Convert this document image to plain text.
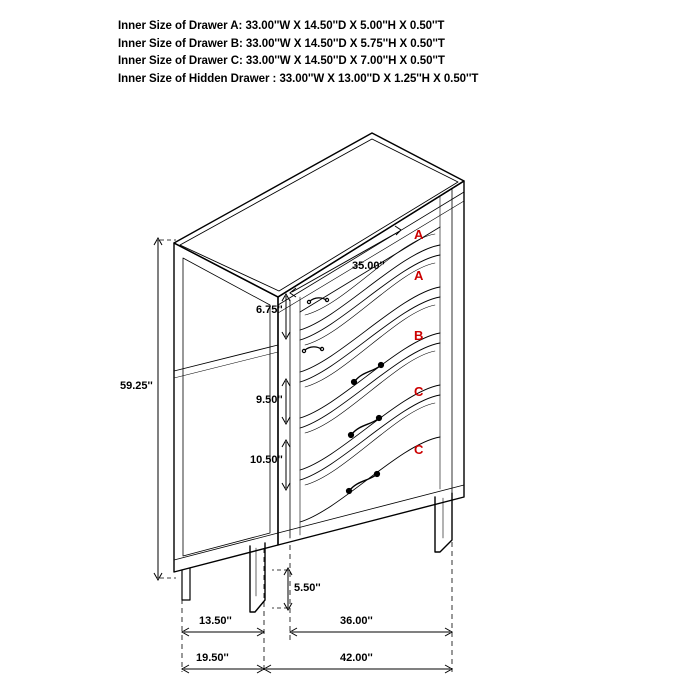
Inner Size of Drawer A: 33.00''W X 14.50''D X 5.00''H X 0.50''T
Inner Size of Drawer B: 33.00''W X 14.50''D X 5.75''H X 0.50''T
Inner Size of Drawer C: 33.00''W X 14.50''D X 7.00''H X 0.50''T
Inner Size of Hidden Drawer : 33.00''W X 13.00''D X 1.25''H X 0.50''T
59.25''
35.00''
6.75''
9.50''
10.50''
5.50''
13.50''	36.00''
19.50''	42.00''
A
A
B
C
C
